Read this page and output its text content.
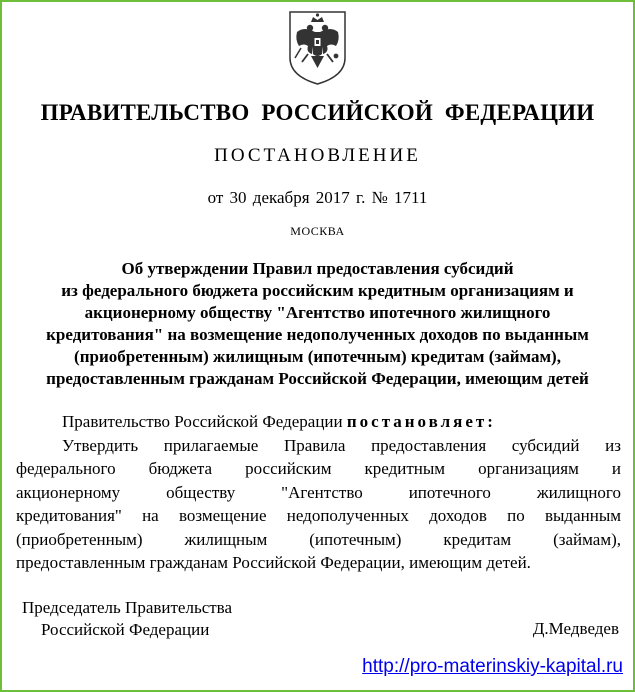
ПРАВИТЕЛЬСТВО РОССИЙСКОЙ ФЕДЕРАЦИИ
ПОСТАНОВЛЕНИЕ
от 30 декабря 2017 г. № 1711
МОСКВА
Об утверждении Правил предоставления субсидий
из федерального бюджета российским кредитным организациям и
акционерному обществу "Агентство ипотечного жилищного
кредитования" на возмещение недополученных доходов по выданным
(приобретенным) жилищным (ипотечным) кредитам (займам),
предоставленным гражданам Российской Федерации, имеющим детей
Правительство Российской Федерации постановляет:
Утвердить прилагаемые Правила предоставления субсидий из
федерального бюджета российским кредитным организациям и
акционерному обществу "Агентство ипотечного жилищного
кредитования" на возмещение недополученных доходов по выданным
(приобретенным) жилищным (ипотечным) кредитам (займам),
предоставленным гражданам Российской Федерации, имеющим детей.
Председатель Правительства
Российской Федерации	Д.Медведев
http://pro-materinskiy-kapital.ru
